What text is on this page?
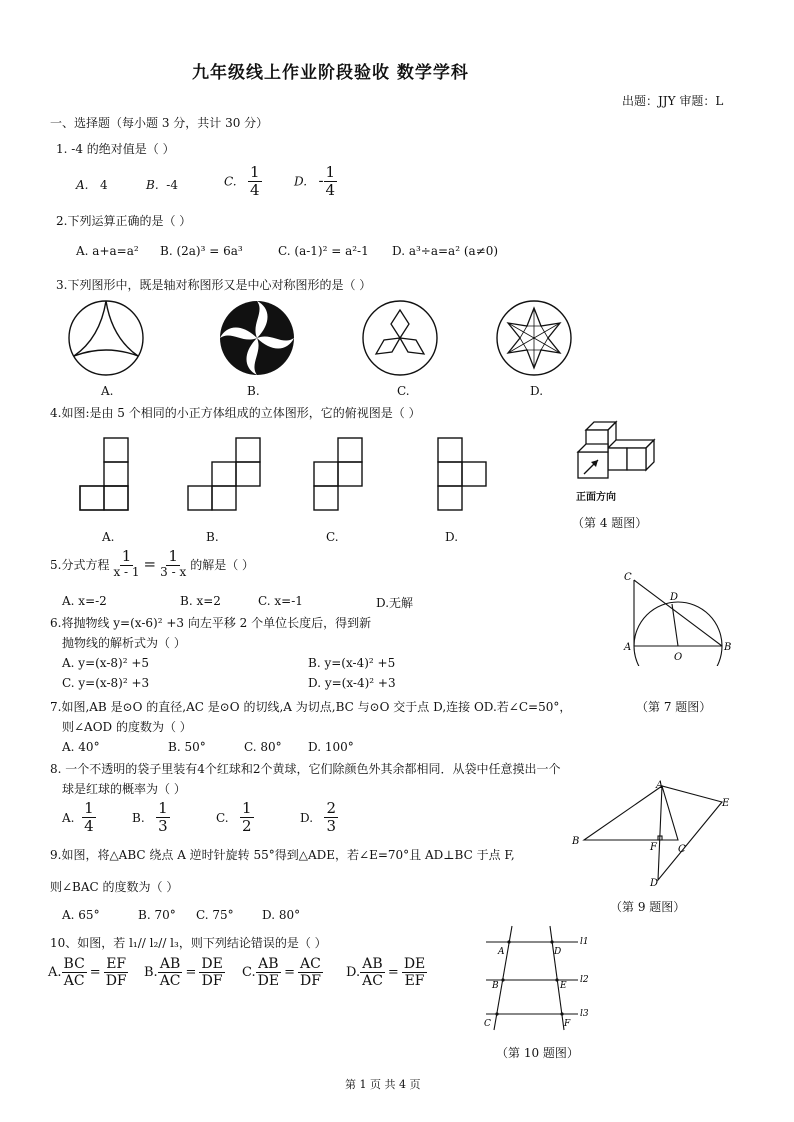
九年级线上作业阶段验收 数学学科
出题：JJY 审题：L
一、选择题（每小题 3 分，共计 30 分）
1. -4 的绝对值是（ ）
A. 4	B. -4	C. $\frac{1}{4}$	D. - $\frac{1}{4}$
2.下列运算正确的是（ ）
A. a+a=a² B. (2a)³ = 6a³	C. (a-1)² = a²-1 D. a³÷a=a² (a≠0)
3.下列图形中，既是轴对称图形又是中心对称图形的是（ ）
A.	B.	C.	D.
4.如图:是由 5 个相同的小正方体组成的立体图形，它的俯视图是（ ）
A.	B.	C.	D.
正面方向
（第 4 题图）
5.分式方程 $\frac{1}{x - 1} = \frac{1}{3 - x}$ 的解是（ ）
A. x=-2	B. x=2	C. x=-1	D.无解
6.将抛物线 y=(x-6)² +3 向左平移 2 个单位长度后，得到新
抛物线的解析式为（ ）
A. y=(x-8)² +5	B. y=(x-4)² +5
C. y=(x-8)² +3	D. y=(x-4)² +3
C
D
A
O
B
7.如图,AB 是⊙O 的直径,AC 是⊙O 的切线,A 为切点,BC 与⊙O 交于点 D,连接 OD.若∠C=50°，
则∠AOD 的度数为（ ）
（第 7 题图）
A. 40°	B. 50°	C. 80° D. 100°
8. 一个不透明的袋子里装有4个红球和2个黄球，它们除颜色外其余都相同．从袋中任意摸出一个
球是红球的概率为（ ）
A.
$\frac{1}{4}$	B.
$\frac{1}{3}$	C.
$\frac{1}{2}$	D.
$\frac{2}{3}$
A
B
C
D
E
F
9.如图，将△ABC 绕点 A 逆时针旋转 55°得到△ADE，若∠E=70°且 AD⊥BC 于点 F,
则∠BAC 的度数为（ ）
（第 9 题图）
A. 65°	B. 70° C. 75° D. 80°
10、如图，若 l₁// l₂// l₃，则下列结论错误的是（ ）
A. $\frac{BC}{AC} = \frac{EF}{DF} B$. $\frac{AB}{AC} = \frac{DE}{DF} C$. $\frac{AB}{DE} = \frac{AC}{DF} D$. $\frac{AB}{AC} = \frac{DE}{EF}$
l1
l2
l3
A	D
B	E
C	F
（第 10 题图）
第 1 页 共 4 页
